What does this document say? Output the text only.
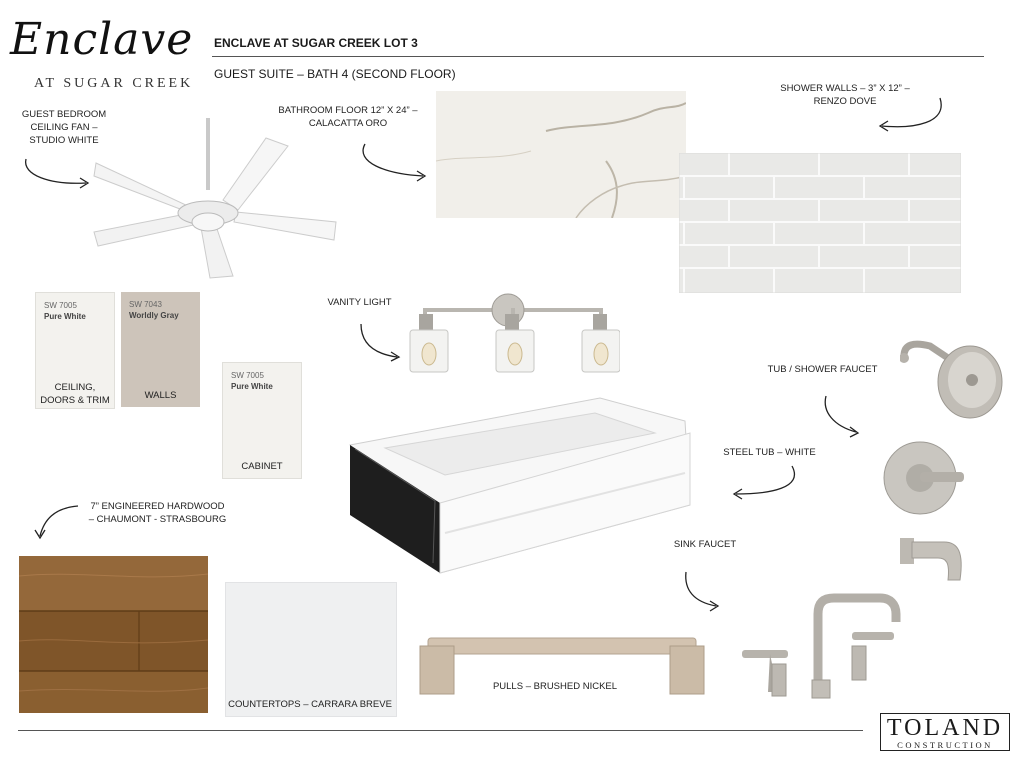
Enclave
AT SUGAR CREEK
ENCLAVE AT SUGAR CREEK LOT 3
GUEST SUITE – BATH 4 (SECOND FLOOR)
GUEST BEDROOM
CEILING FAN –
STUDIO WHITE
BATHROOM FLOOR 12” X 24” –
CALACATTA ORO
SHOWER WALLS – 3” X 12” –
RENZO DOVE
SW 7005
Pure White
CEILING,
DOORS & TRIM
SW 7043
Worldly Gray
WALLS
SW 7005
Pure White
CABINET
VANITY LIGHT
TUB / SHOWER FAUCET
STEEL TUB – WHITE
7” ENGINEERED HARDWOOD
– CHAUMONT - STRASBOURG
COUNTERTOPS – CARRARA BREVE
PULLS – BRUSHED NICKEL
SINK FAUCET
TOLAND
CONSTRUCTION
